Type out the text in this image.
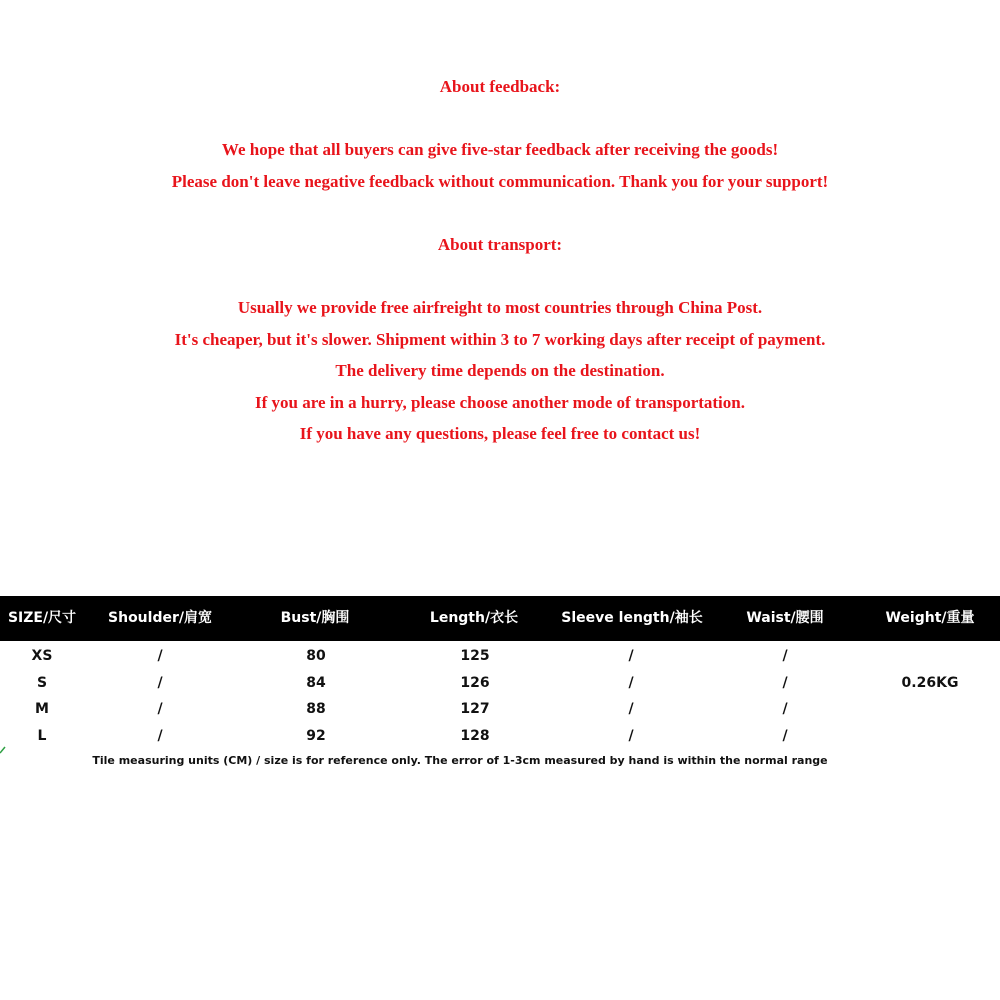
About feedback:
We hope that all buyers can give five-star feedback after receiving the goods!
Please don't leave negative feedback without communication. Thank you for your support!
About transport:
Usually we provide free airfreight to most countries through China Post.
It's cheaper, but it's slower. Shipment within 3 to 7 working days after receipt of payment.
The delivery time depends on the destination.
If you are in a hurry, please choose another mode of transportation.
If you have any questions, please feel free to contact us!
SIZE/尺寸	Shoulder/肩宽	Bust/胸围	Length/衣长	Sleeve length/袖长	Waist/腰围	Weight/重量
XS	/	80	125	/	/
S	/	84	126	/	/	0.26KG
M	/	88	127	/	/
L	/	92	128	/	/
Tile measuring units (CM) / size is for reference only. The error of 1-3cm measured by hand is within the normal range
